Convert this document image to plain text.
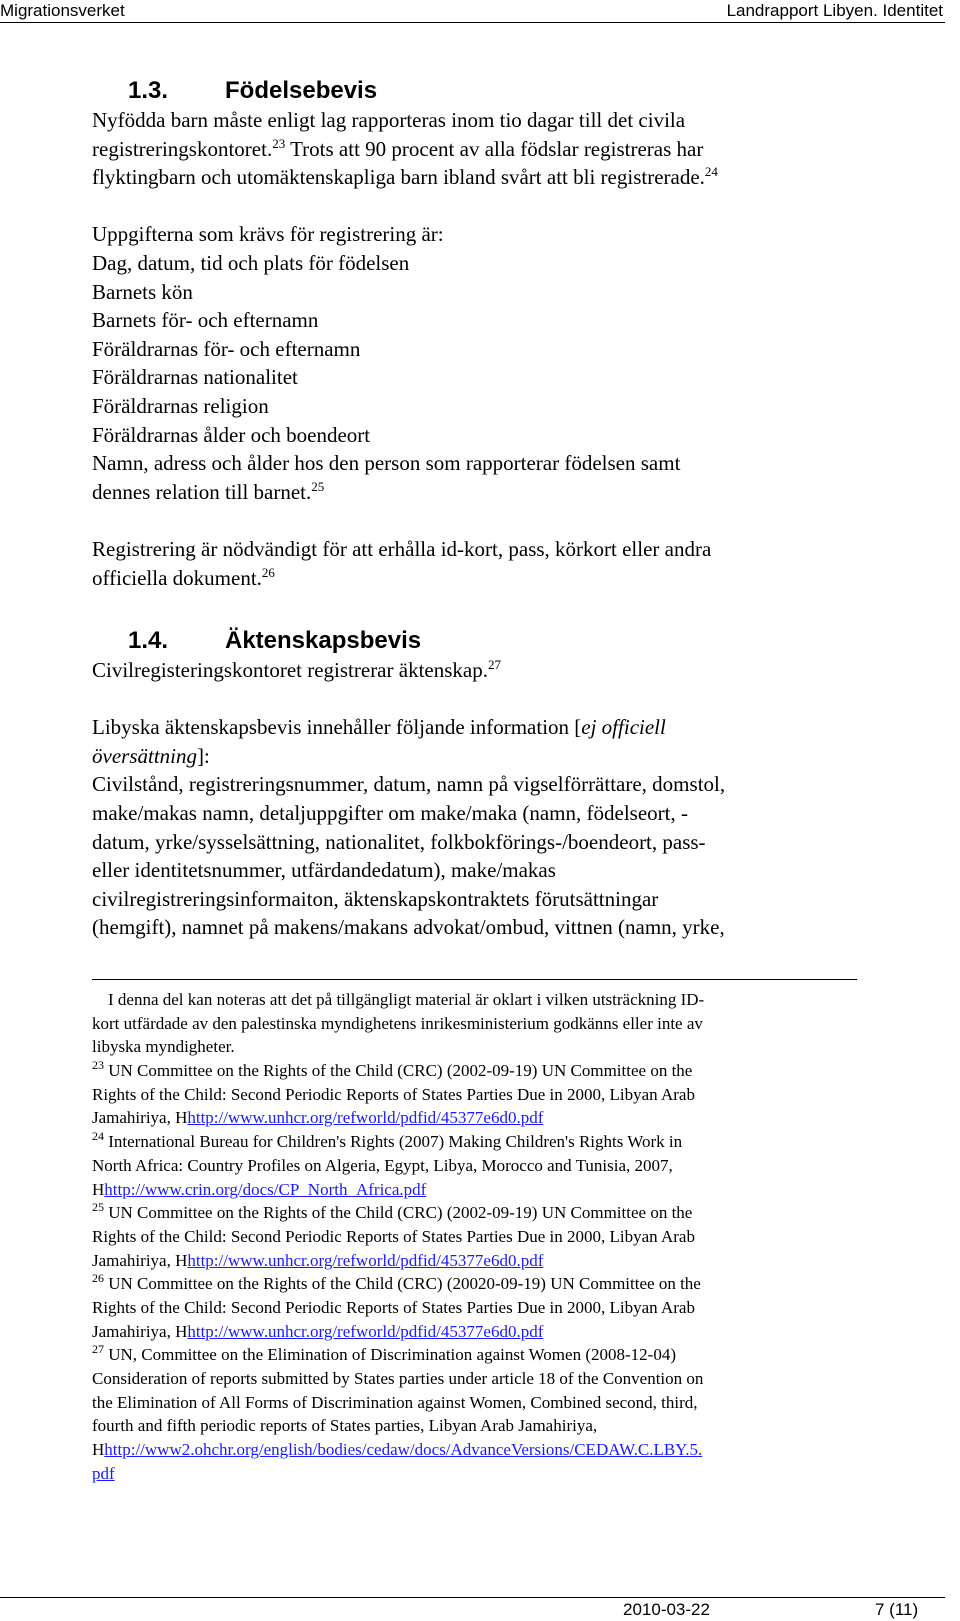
Migrationsverket	Landrapport Libyen. Identitet
1.3. Födelsebevis
Nyfödda barn måste enligt lag rapporteras inom tio dagar till det civila
registreringskontoret.$^{23}$ Trots att 90 procent av alla födslar registreras har
flyktingbarn och utomäktenskapliga barn ibland svårt att bli registrerade.$^{24}$
Uppgifterna som krävs för registrering är:
Dag, datum, tid och plats för födelsen
Barnets kön
Barnets för- och efternamn
Föräldrarnas för- och efternamn
Föräldrarnas nationalitet
Föräldrarnas religion
Föräldrarnas ålder och boendeort
Namn, adress och ålder hos den person som rapporterar födelsen samt
dennes relation till barnet.$^{25}$
Registrering är nödvändigt för att erhålla id-kort, pass, körkort eller andra
officiella dokument.$^{26}$
1.4. Äktenskapsbevis
Civilregisteringskontoret registrerar äktenskap.$^{27}$
Libyska äktenskapsbevis innehåller följande information [ej officiell
översättning]:
Civilstånd, registreringsnummer, datum, namn på vigselförrättare, domstol,
make/makas namn, detaljuppgifter om make/maka (namn, födelseort, -
datum, yrke/sysselsättning, nationalitet, folkbokförings-/boendeort, pass-
eller identitetsnummer, utfärdandedatum), make/makas
civilregistreringsinformaiton, äktenskapskontraktets förutsättningar
(hemgift), namnet på makens/makans advokat/ombud, vittnen (namn, yrke,
I denna del kan noteras att det på tillgängligt material är oklart i vilken utsträckning ID-
kort utfärdade av den palestinska myndighetens inrikesministerium godkänns eller inte av
libyska myndigheter.
$^{23}$ UN Committee on the Rights of the Child (CRC) (2002-09-19) UN Committee on the
Rights of the Child: Second Periodic Reports of States Parties Due in 2000, Libyan Arab
Jamahiriya, Hhttp://www.unhcr.org/refworld/pdfid/45377e6d0.pdf
$^{24}$ International Bureau for Children's Rights (2007) Making Children's Rights Work in
North Africa: Country Profiles on Algeria, Egypt, Libya, Morocco and Tunisia, 2007,
Hhttp://www.crin.org/docs/CP_North_Africa.pdf
$^{25}$ UN Committee on the Rights of the Child (CRC) (2002-09-19) UN Committee on the
Rights of the Child: Second Periodic Reports of States Parties Due in 2000, Libyan Arab
Jamahiriya, Hhttp://www.unhcr.org/refworld/pdfid/45377e6d0.pdf
$^{26}$ UN Committee on the Rights of the Child (CRC) (20020-09-19) UN Committee on the
Rights of the Child: Second Periodic Reports of States Parties Due in 2000, Libyan Arab
Jamahiriya, Hhttp://www.unhcr.org/refworld/pdfid/45377e6d0.pdf
$^{27}$ UN, Committee on the Elimination of Discrimination against Women (2008-12-04)
Consideration of reports submitted by States parties under article 18 of the Convention on
the Elimination of All Forms of Discrimination against Women, Combined second, third,
fourth and fifth periodic reports of States parties, Libyan Arab Jamahiriya,
Hhttp://www2.ohchr.org/english/bodies/cedaw/docs/AdvanceVersions/CEDAW.C.LBY.5.
pdf
2010-03-22	7 (11)
